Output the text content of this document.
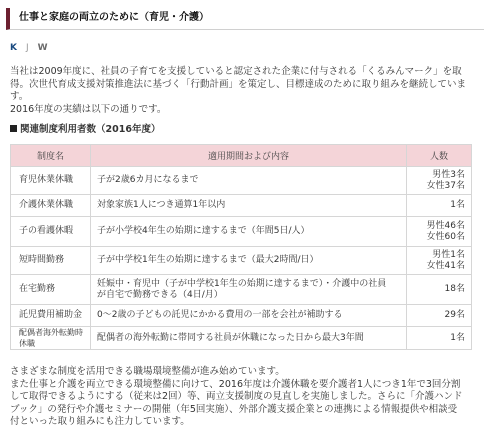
仕事と家庭の両立のために（育児・介護）
K J W

当社は2009年度に、社員の子育てを支援していると認定された企業に付与される「くるみんマーク」を取

得。次世代育成支援対策推進法に基づく「行動計画」を策定し、目標達成のために取り組みを継続していま

す。

2016年度の実績は以下の通りです。

関連制度利用者数（2016年度）
制度名	適用期間および内容	人数
育児休業休職	子が2歳6カ月になるまで	男性3名
女性37名

介護休業休職	対象家族1人につき通算1年以内	1名

子の看護休暇	子が小学校4年生の始期に達するまで（年間5日/人）	男性46名
女性60名

短時間勤務	子が中学校1年生の始期に達するまで（最大2時間/日）	男性1名
女性41名

在宅勤務	妊娠中・育児中（子が中学校1年生の始期に達するまで）・介護中の社員
が自宅で勤務できる（4日/月）	18名

託児費用補助金	0～2歳の子どもの託児にかかる費用の一部を会社が補助する	29名

配偶者海外転勤時休職	配偶者の海外転勤に帯同する社員が休職になった日から最大3年間	1名

さまざまな制度を活用できる職場環境整備が進み始めています。

また仕事と介護を両立できる環境整備に向けて、2016年度は介護休職を要介護者1人につき1年で3回分割

して取得できるようにする（従来は2回）等、両立支援制度の見直しを実施しました。さらに「介護ハンド

ブック」の発行や介護セミナーの開催（年5回実施）、外部介護支援企業との連携による情報提供や相談受

付といった取り組みにも注力しています。
